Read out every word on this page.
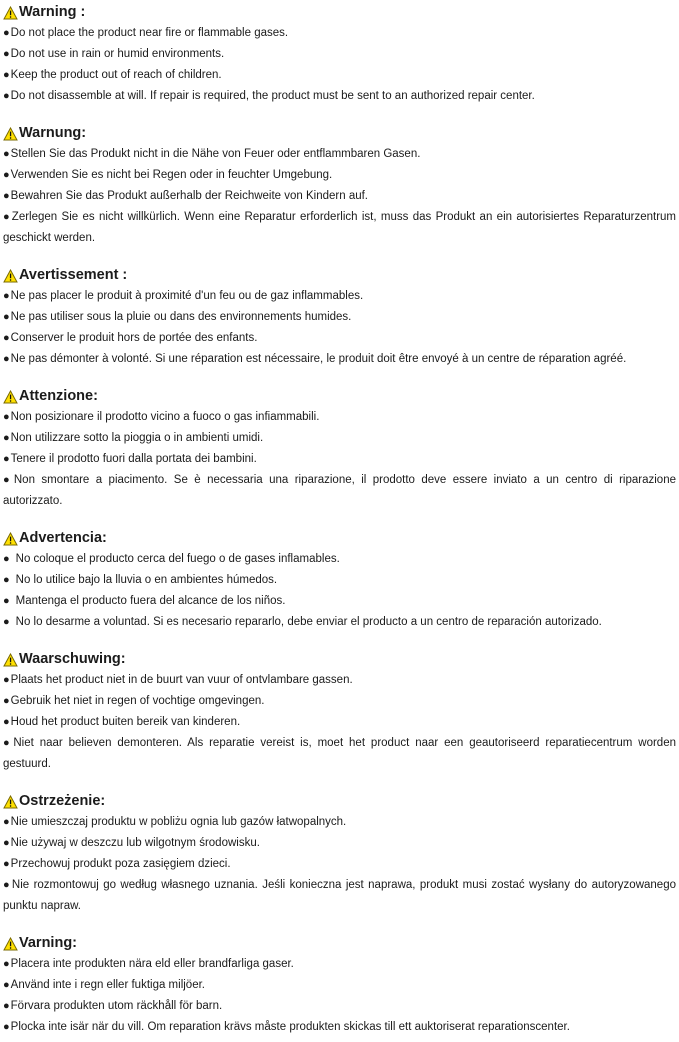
Warning :

●Do not place the product near fire or flammable gases.

●Do not use in rain or humid environments.

●Keep the product out of reach of children.

●Do not disassemble at will. If repair is required, the product must be sent to an authorized repair center.

Warnung:

●Stellen Sie das Produkt nicht in die Nähe von Feuer oder entflammbaren Gasen.

●Verwenden Sie es nicht bei Regen oder in feuchter Umgebung.

●Bewahren Sie das Produkt außerhalb der Reichweite von Kindern auf.

●Zerlegen Sie es nicht willkürlich. Wenn eine Reparatur erforderlich ist, muss das Produkt an ein autorisiertes Reparaturzentrum geschickt werden.

Avertissement :

●Ne pas placer le produit à proximité d'un feu ou de gaz inflammables.

●Ne pas utiliser sous la pluie ou dans des environnements humides.

●Conserver le produit hors de portée des enfants.

●Ne pas démonter à volonté. Si une réparation est nécessaire, le produit doit être envoyé à un centre de réparation agréé.

Attenzione:

●Non posizionare il prodotto vicino a fuoco o gas infiammabili.

●Non utilizzare sotto la pioggia o in ambienti umidi.

●Tenere il prodotto fuori dalla portata dei bambini.

●Non smontare a piacimento. Se è necessaria una riparazione, il prodotto deve essere inviato a un centro di riparazione autorizzato.

Advertencia:

● No coloque el producto cerca del fuego o de gases inflamables.

● No lo utilice bajo la lluvia o en ambientes húmedos.

● Mantenga el producto fuera del alcance de los niños.

● No lo desarme a voluntad. Si es necesario repararlo, debe enviar el producto a un centro de reparación autorizado.

Waarschuwing:

●Plaats het product niet in de buurt van vuur of ontvlambare gassen.

●Gebruik het niet in regen of vochtige omgevingen.

●Houd het product buiten bereik van kinderen.

●Niet naar believen demonteren. Als reparatie vereist is, moet het product naar een geautoriseerd reparatiecentrum worden gestuurd.

Ostrzeżenie:

●Nie umieszczaj produktu w pobliżu ognia lub gazów łatwopalnych.

●Nie używaj w deszczu lub wilgotnym środowisku.

●Przechowuj produkt poza zasięgiem dzieci.

●Nie rozmontowuj go według własnego uznania. Jeśli konieczna jest naprawa, produkt musi zostać wysłany do autoryzowanego punktu napraw.

Varning:

●Placera inte produkten nära eld eller brandfarliga gaser.

●Använd inte i regn eller fuktiga miljöer.

●Förvara produkten utom räckhåll för barn.

●Plocka inte isär när du vill. Om reparation krävs måste produkten skickas till ett auktoriserat reparationscenter.
